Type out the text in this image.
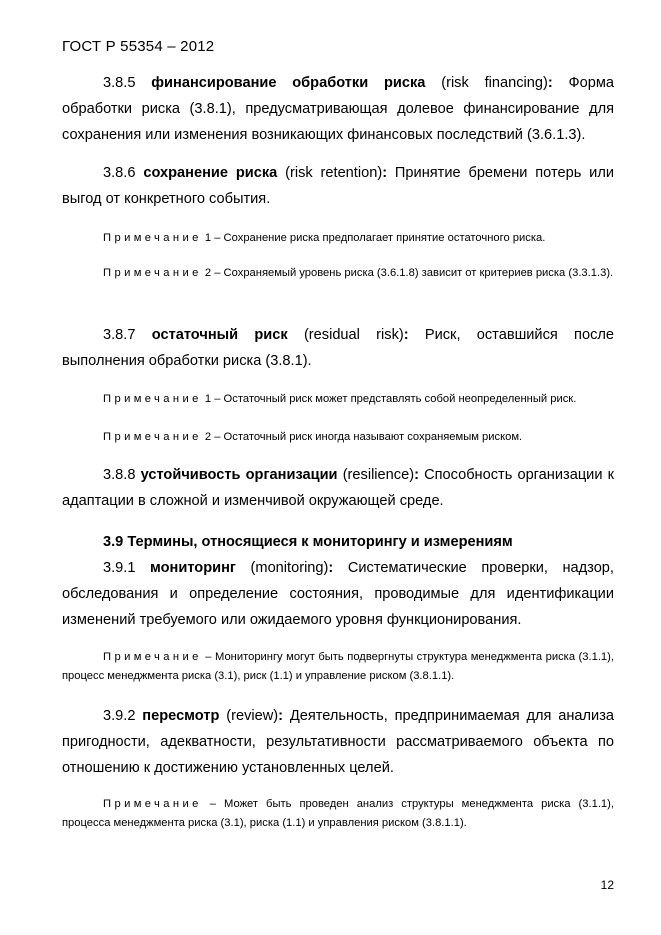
ГОСТ Р 55354 – 2012

3.8.5 финансирование обработки риска (risk financing): Форма обработки риска (3.8.1), предусматривающая долевое финансирование для сохранения или изменения возникающих финансовых последствий (3.6.1.3).

3.8.6 сохранение риска (risk retention): Принятие бремени потерь или выгод от конкретного события.

Примечание 1 – Сохранение риска предполагает принятие остаточного риска.

Примечание 2 – Сохраняемый уровень риска (3.6.1.8) зависит от критериев риска (3.3.1.3).

3.8.7 остаточный риск (residual risk): Риск, оставшийся после выполнения обработки риска (3.8.1).

Примечание 1 – Остаточный риск может представлять собой неопределенный риск.

Примечание 2 – Остаточный риск иногда называют сохраняемым риском.

3.8.8 устойчивость организации (resilience): Способность организации к адаптации в сложной и изменчивой окружающей среде.

3.9 Термины, относящиеся к мониторингу и измерениям

3.9.1 мониторинг (monitoring): Систематические проверки, надзор, обследования и определение состояния, проводимые для идентификации изменений требуемого или ожидаемого уровня функционирования.

Примечание – Мониторингу могут быть подвергнуты структура менеджмента риска (3.1.1), процесс менеджмента риска (3.1), риск (1.1) и управление риском (3.8.1.1).

3.9.2 пересмотр (review): Деятельность, предпринимаемая для анализа пригодности, адекватности, результативности рассматриваемого объекта по отношению к достижению установленных целей.

Примечание – Может быть проведен анализ структуры менеджмента риска (3.1.1), процесса менеджмента риска (3.1), риска (1.1) и управления риском (3.8.1.1).

12
